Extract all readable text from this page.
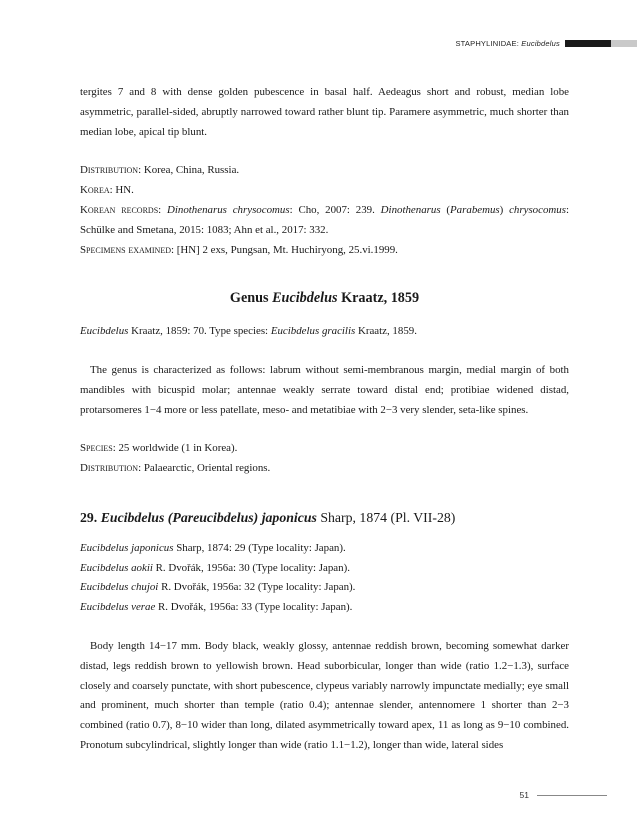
STAPHYLINIDAE: Eucibdelus

tergites 7 and 8 with dense golden pubescence in basal half. Aedeagus short and robust, median lobe asymmetric, parallel-sided, abruptly narrowed toward rather blunt tip. Paramere asymmetric, much shorter than median lobe, apical tip blunt.

Distribution: Korea, China, Russia.

Korea: HN.

Korean records: Dinothenarus chrysocomus: Cho, 2007: 239. Dinothenarus (Parabemus) chrysocomus: Schülke and Smetana, 2015: 1083; Ahn et al., 2017: 332.

Specimens examined: [HN] 2 exs, Pungsan, Mt. Huchiryong, 25.vi.1999.

Genus Eucibdelus Kraatz, 1859

Eucibdelus Kraatz, 1859: 70. Type species: Eucibdelus gracilis Kraatz, 1859.

The genus is characterized as follows: labrum without semi-membranous margin, medial margin of both mandibles with bicuspid molar; antennae weakly serrate toward distal end; protibiae widened distad, protarsomeres 1−4 more or less patellate, meso- and metatibiae with 2−3 very slender, seta-like spines.

Species: 25 worldwide (1 in Korea).

Distribution: Palaearctic, Oriental regions.

29. Eucibdelus (Pareucibdelus) japonicus Sharp, 1874 (Pl. VII-28)

Eucibdelus japonicus Sharp, 1874: 29 (Type locality: Japan).

Eucibdelus aokii R. Dvořák, 1956a: 30 (Type locality: Japan).

Eucibdelus chujoi R. Dvořák, 1956a: 32 (Type locality: Japan).

Eucibdelus verae R. Dvořák, 1956a: 33 (Type locality: Japan).

Body length 14−17 mm. Body black, weakly glossy, antennae reddish brown, becoming somewhat darker distad, legs reddish brown to yellowish brown. Head suborbicular, longer than wide (ratio 1.2−1.3), surface closely and coarsely punctate, with short pubescence, clypeus variably narrowly impunctate medially; eye small and prominent, much shorter than temple (ratio 0.4); antennae slender, antennomere 1 shorter than 2−3 combined (ratio 0.7), 8−10 wider than long, dilated asymmetrically toward apex, 11 as long as 9−10 combined. Pronotum subcylindrical, slightly longer than wide (ratio 1.1−1.2), longer than wide, lateral sides

51
